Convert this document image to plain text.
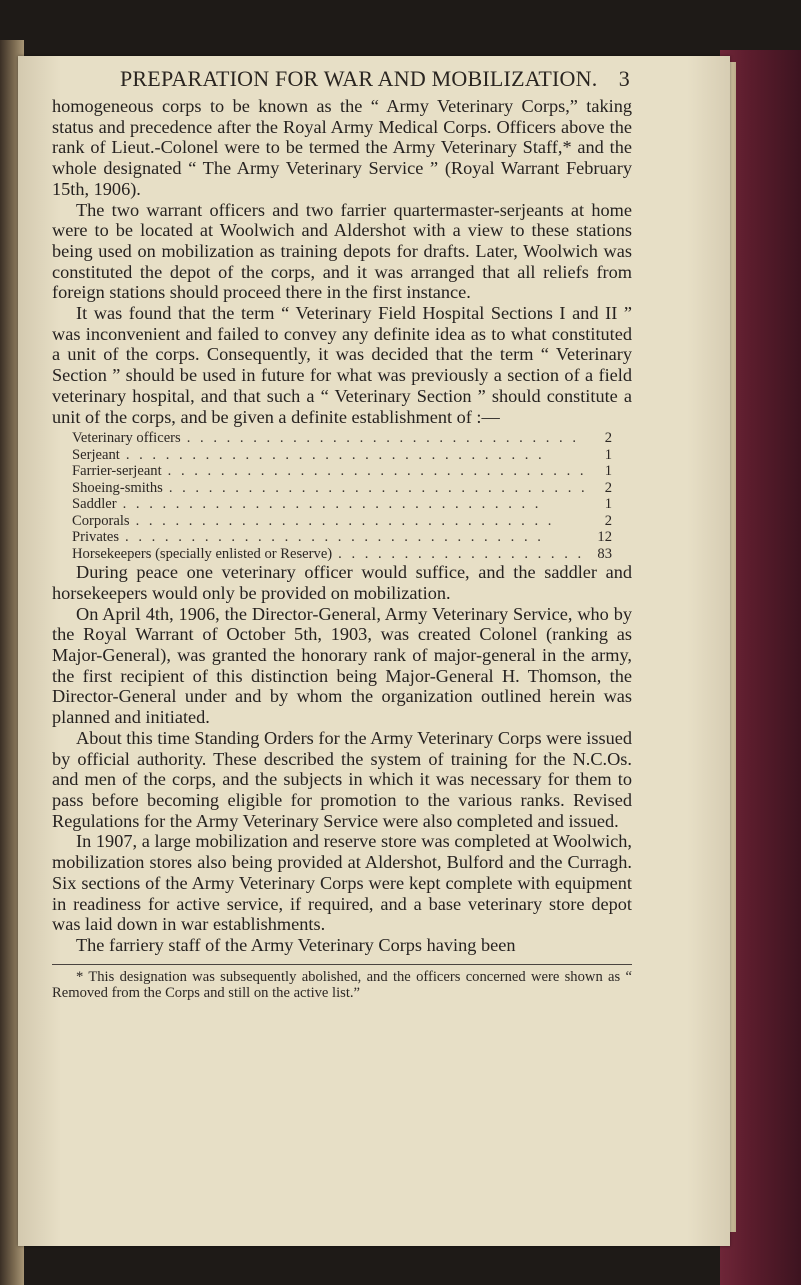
PREPARATION FOR WAR AND MOBILIZATION. 3

homogeneous corps to be known as the “ Army Veterinary Corps,” taking status and precedence after the Royal Army Medical Corps. Officers above the rank of Lieut.-Colonel were to be termed the Army Veterinary Staff,* and the whole designated “ The Army Veterinary Service ” (Royal Warrant February 15th, 1906).

The two warrant officers and two farrier quartermaster-serjeants at home were to be located at Woolwich and Aldershot with a view to these stations being used on mobilization as training depots for drafts. Later, Woolwich was constituted the depot of the corps, and it was arranged that all reliefs from foreign stations should proceed there in the first instance.

It was found that the term “ Veterinary Field Hospital Sections I and II ” was inconvenient and failed to convey any definite idea as to what constituted a unit of the corps. Consequently, it was decided that the term “ Veterinary Section ” should be used in future for what was previously a section of a field veterinary hospital, and that such a “ Veterinary Section ” should constitute a unit of the corps, and be given a definite establishment of :—

Veterinary officers . .	2
Serjeant . .	1
Farrier-serjeant . .	1
Shoeing-smiths . .	2
Saddler . .	1
Corporals . .	2
Privates . .	12
Horsekeepers (specially enlisted or Reserve) . .	83

During peace one veterinary officer would suffice, and the saddler and horsekeepers would only be provided on mobilization.

On April 4th, 1906, the Director-General, Army Veterinary Service, who by the Royal Warrant of October 5th, 1903, was created Colonel (ranking as Major-General), was granted the honorary rank of major-general in the army, the first recipient of this distinction being Major-General H. Thomson, the Director-General under and by whom the organization outlined herein was planned and initiated.

About this time Standing Orders for the Army Veterinary Corps were issued by official authority. These described the system of training for the N.C.Os. and men of the corps, and the subjects in which it was necessary for them to pass before becoming eligible for promotion to the various ranks. Revised Regulations for the Army Veterinary Service were also completed and issued.

In 1907, a large mobilization and reserve store was completed at Woolwich, mobilization stores also being provided at Aldershot, Bulford and the Curragh. Six sections of the Army Veterinary Corps were kept complete with equipment in readiness for active service, if required, and a base veterinary store depot was laid down in war establishments.

The farriery staff of the Army Veterinary Corps having been

* This designation was subsequently abolished, and the officers concerned were shown as “ Removed from the Corps and still on the active list.”
